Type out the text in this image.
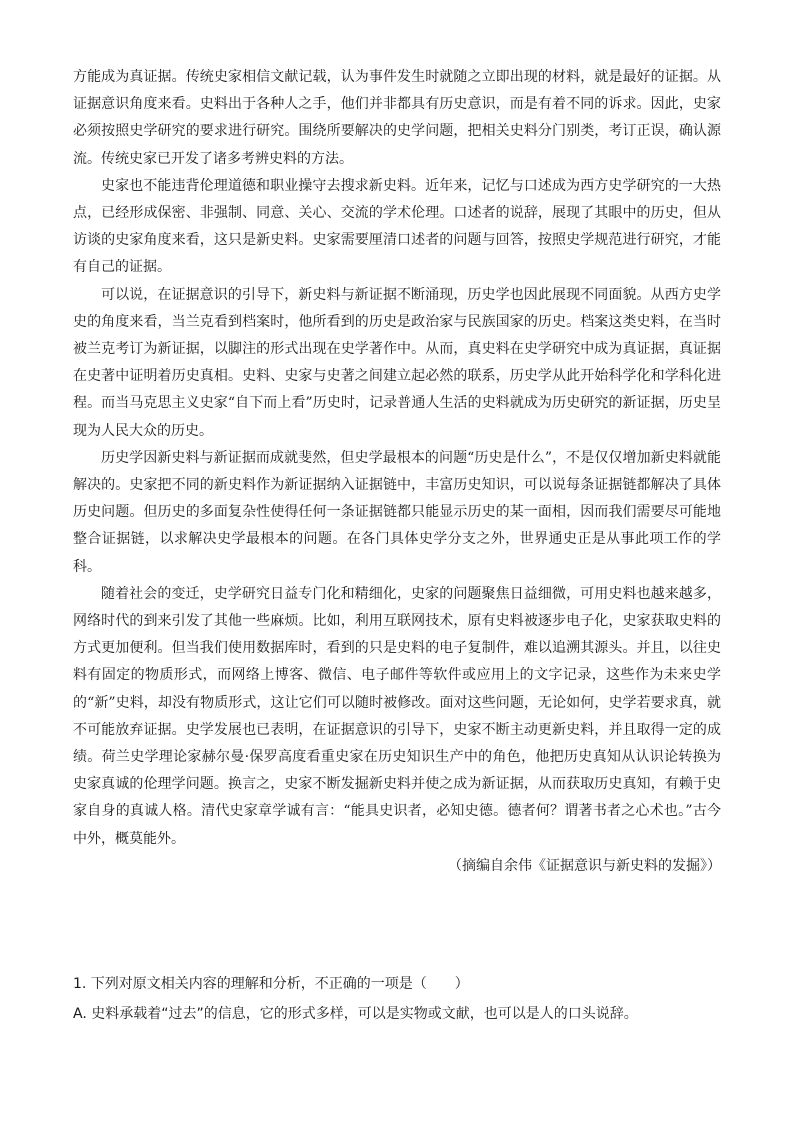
方能成为真证据。传统史家相信文献记载，认为事件发生时就随之立即出现的材料，就是最好的证据。从证据意识角度来看。史料出于各种人之手，他们并非都具有历史意识，而是有着不同的诉求。因此，史家必须按照史学研究的要求进行研究。围绕所要解决的史学问题，把相关史料分门别类，考订正误，确认源流。传统史家已开发了诸多考辨史料的方法。

史家也不能违背伦理道德和职业操守去搜求新史料。近年来，记忆与口述成为西方史学研究的一大热点，已经形成保密、非强制、同意、关心、交流的学术伦理。口述者的说辞，展现了其眼中的历史，但从访谈的史家角度来看，这只是新史料。史家需要厘清口述者的问题与回答，按照史学规范进行研究，才能有自己的证据。

可以说，在证据意识的引导下，新史料与新证据不断涌现，历史学也因此展现不同面貌。从西方史学史的角度来看，当兰克看到档案时，他所看到的历史是政治家与民族国家的历史。档案这类史料，在当时被兰克考订为新证据，以脚注的形式出现在史学著作中。从而，真史料在史学研究中成为真证据，真证据在史著中证明着历史真相。史料、史家与史著之间建立起必然的联系，历史学从此开始科学化和学科化进程。而当马克思主义史家“自下而上看”历史时，记录普通人生活的史料就成为历史研究的新证据，历史呈现为人民大众的历史。

历史学因新史料与新证据而成就斐然，但史学最根本的问题“历史是什么”，不是仅仅增加新史料就能解决的。史家把不同的新史料作为新证据纳入证据链中，丰富历史知识，可以说每条证据链都解决了具体历史问题。但历史的多面复杂性使得任何一条证据链都只能显示历史的某一面相，因而我们需要尽可能地整合证据链，以求解决史学最根本的问题。在各门具体史学分支之外，世界通史正是从事此项工作的学科。

随着社会的变迁，史学研究日益专门化和精细化，史家的问题聚焦日益细微，可用史料也越来越多，网络时代的到来引发了其他一些麻烦。比如，利用互联网技术，原有史料被逐步电子化，史家获取史料的方式更加便利。但当我们使用数据库时，看到的只是史料的电子复制件，难以追溯其源头。并且，以往史料有固定的物质形式，而网络上博客、微信、电子邮件等软件或应用上的文字记录，这些作为未来史学的“新”史料，却没有物质形式，这让它们可以随时被修改。面对这些问题，无论如何，史学若要求真，就不可能放弃证据。史学发展也已表明，在证据意识的引导下，史家不断主动更新史料，并且取得一定的成绩。荷兰史学理论家赫尔曼·保罗高度看重史家在历史知识生产中的角色，他把历史真知从认识论转换为史家真诚的伦理学问题。换言之，史家不断发掘新史料并使之成为新证据，从而获取历史真知，有赖于史家自身的真诚人格。清代史家章学诚有言：“能具史识者，必知史德。德者何？谓著书者之心术也。”古今中外，概莫能外。

（摘编自余伟《证据意识与新史料的发掘》）

1. 下列对原文相关内容的理解和分析，不正确的一项是（　　）
A. 史料承载着“过去”的信息，它的形式多样，可以是实物或文献，也可以是人的口头说辞。
